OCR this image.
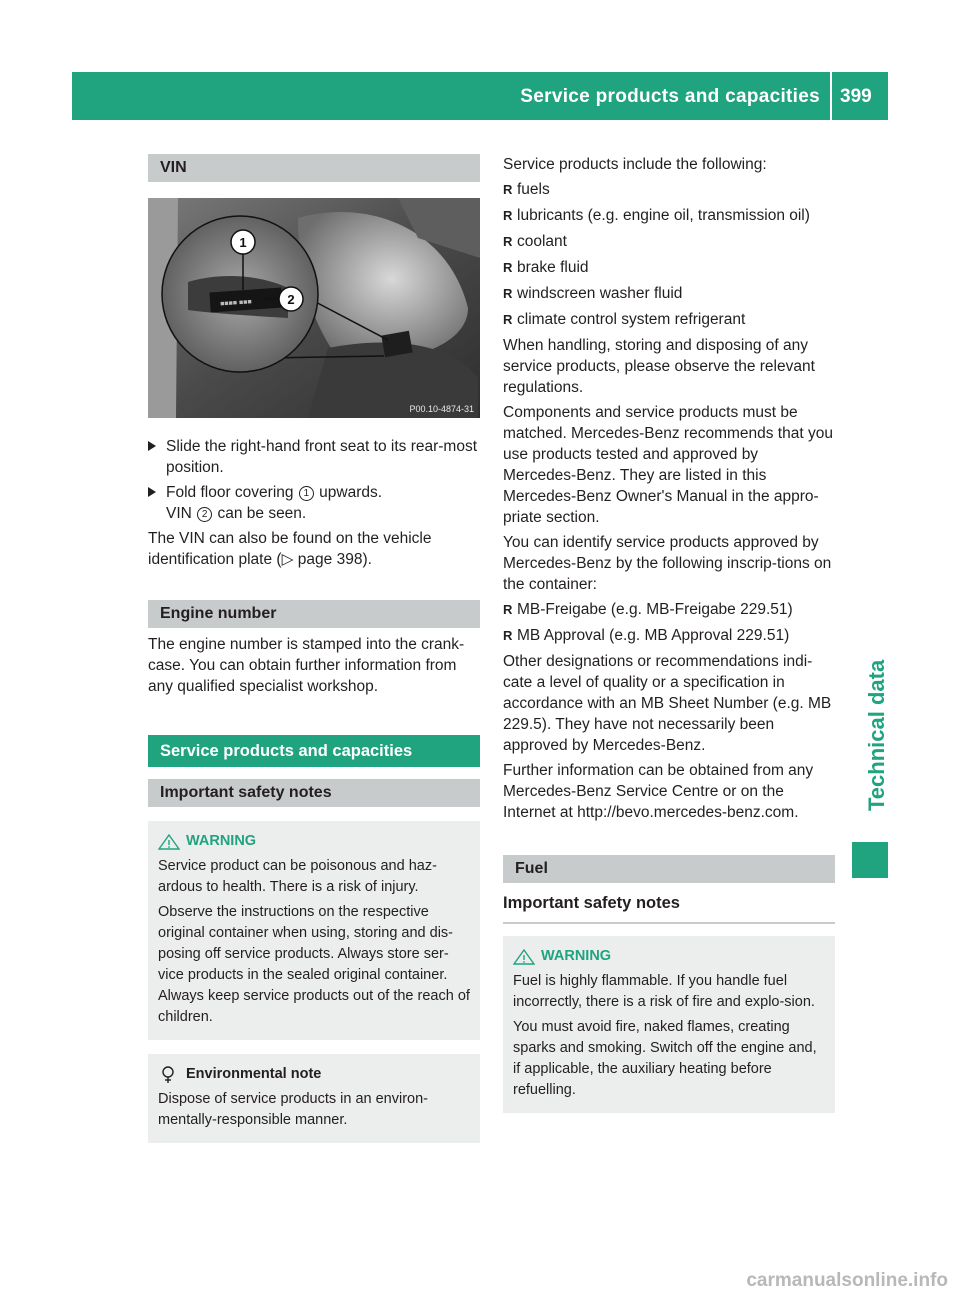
Service products and capacities 399
Technical data
VIN
■■■■ ■■■
1
2
P00.10-4874-31
Slide the right-hand front seat to its rear-most position.
Fold floor covering 1 upwards.
VIN 2 can be seen.

The VIN can also be found on the vehicle identification plate (▷ page 398).

Engine number

The engine number is stamped into the crank-case. You can obtain further information from any qualified specialist workshop.

Service products and capacities
Important safety notes
WARNING

Service product can be poisonous and haz-ardous to health. There is a risk of injury.

Observe the instructions on the respective original container when using, storing and dis-posing off service products. Always store ser-vice products in the sealed original container. Always keep service products out of the reach of children.

Environmental note

Dispose of service products in an environ-mentally-responsible manner.

Service products include the following:

R fuels
R lubricants (e.g. engine oil, transmission oil)
R coolant
R brake fluid
R windscreen washer fluid
R climate control system refrigerant

When handling, storing and disposing of any service products, please observe the relevant regulations.

Components and service products must be matched. Mercedes-Benz recommends that you use products tested and approved by Mercedes-Benz. They are listed in this Mercedes-Benz Owner's Manual in the appro-priate section.

You can identify service products approved by Mercedes-Benz by the following inscrip-tions on the container:

R MB-Freigabe (e.g. MB-Freigabe 229.51)
R MB Approval (e.g. MB Approval 229.51)

Other designations or recommendations indi-cate a level of quality or a specification in accordance with an MB Sheet Number (e.g. MB 229.5). They have not necessarily been approved by Mercedes-Benz.

Further information can be obtained from any Mercedes-Benz Service Centre or on the Internet at http://bevo.mercedes-benz.com.

Fuel
Important safety notes
WARNING

Fuel is highly flammable. If you handle fuel incorrectly, there is a risk of fire and explo-sion.

You must avoid fire, naked flames, creating sparks and smoking. Switch off the engine and, if applicable, the auxiliary heating before refuelling.

carmanualsonline.info
